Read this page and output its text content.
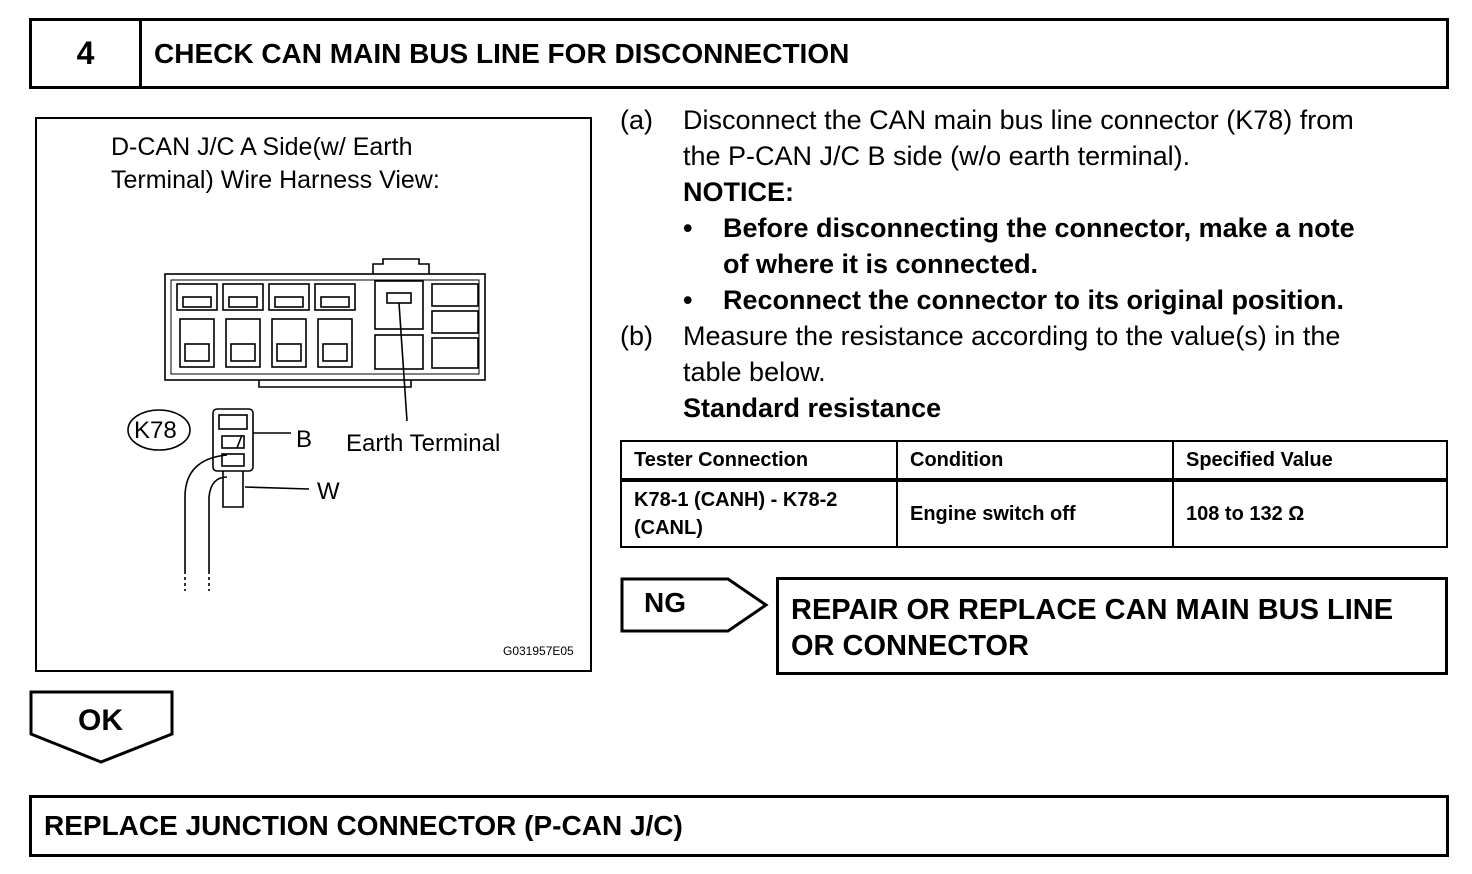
4	CHECK CAN MAIN BUS LINE FOR DISCONNECTION
D-CAN J/C A Side(w/ Earth
Terminal) Wire Harness View:
K78	B
W
Earth Terminal
G031957E05
(a)	Disconnect the CAN main bus line connector (K78) from
the P-CAN J/C B side (w/o earth terminal).
NOTICE:
•	Before disconnecting the connector, make a note
of where it is connected.
•	Reconnect the connector to its original position.
(b)	Measure the resistance according to the value(s) in the
table below.
Standard resistance
Tester Connection	Condition	Specified Value
K78-1 (CANH) - K78-2 (CANL)	Engine switch off	108 to 132 Ω
NG	REPAIR OR REPLACE CAN MAIN BUS LINE
OR CONNECTOR
OK
REPLACE JUNCTION CONNECTOR (P-CAN J/C)
